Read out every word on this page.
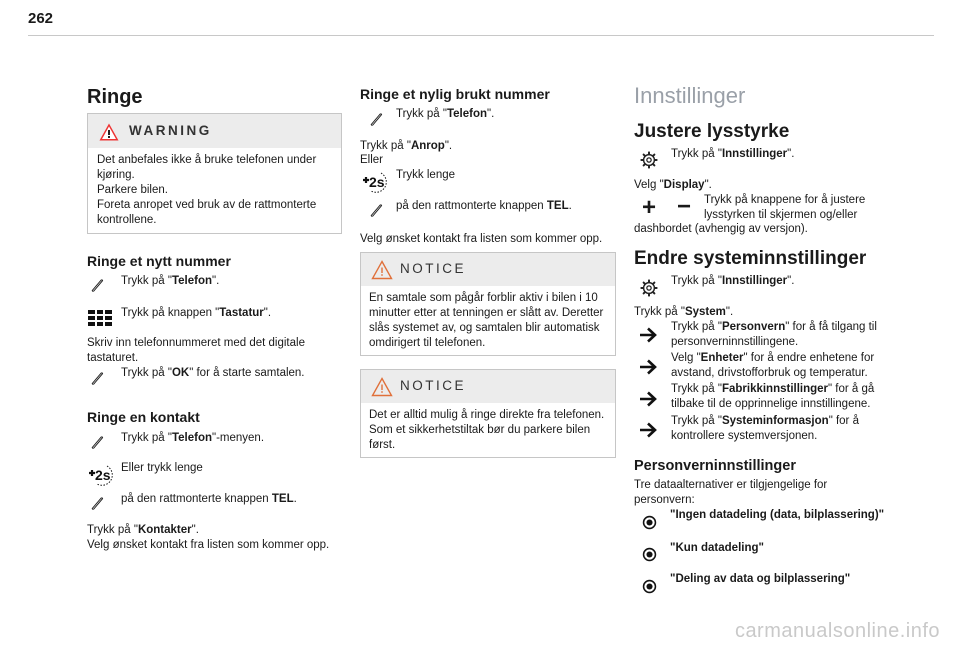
262
Ringe
WARNING
Det anbefales ikke å bruke telefonen under kjøring.
Parkere bilen.
Foreta anropet ved bruk av de rattmonterte kontrollene.
Ringe et nytt nummer
Trykk på "Telefon".
Trykk på knappen "Tastatur".
Skriv inn telefonnummeret med det digitale tastaturet.
Trykk på "OK" for å starte samtalen.
Ringe en kontakt
Trykk på "Telefon"-menyen.
Eller trykk lenge
på den rattmonterte knappen TEL.
Trykk på "Kontakter".
Velg ønsket kontakt fra listen som kommer opp.
Ringe et nylig brukt nummer
Trykk på "Telefon".
Trykk på "Anrop".
Eller
Trykk lenge
på den rattmonterte knappen TEL.
Velg ønsket kontakt fra listen som kommer opp.
NOTICE
En samtale som pågår forblir aktiv i bilen i 10 minutter etter at tenningen er slått av. Deretter slås systemet av, og samtalen blir automatisk omdirigert til telefonen.
NOTICE
Det er alltid mulig å ringe direkte fra telefonen. Som et sikkerhetstiltak bør du parkere bilen først.
Innstillinger
Justere lysstyrke
Trykk på "Innstillinger".
Velg "Display".
+ − Trykk på knappene for å justere lysstyrken til skjermen og/eller
dashbordet (avhengig av versjon).
Endre systeminnstillinger
Trykk på "Innstillinger".
Trykk på "System".
Trykk på "Personvern" for å få tilgang til personverninnstillingene.
Velg "Enheter" for å endre enhetene for avstand, drivstofforbruk og temperatur.
Trykk på "Fabrikkinnstillinger" for å gå tilbake til de opprinnelige innstillingene.
Trykk på "Systeminformasjon" for å kontrollere systemversjonen.
Personverninnstillinger
Tre dataalternativer er tilgjengelige for personvern:
"Ingen datadeling (data, bilplassering)"
"Kun datadeling"
"Deling av data og bilplassering"
carmanualsonline.info
